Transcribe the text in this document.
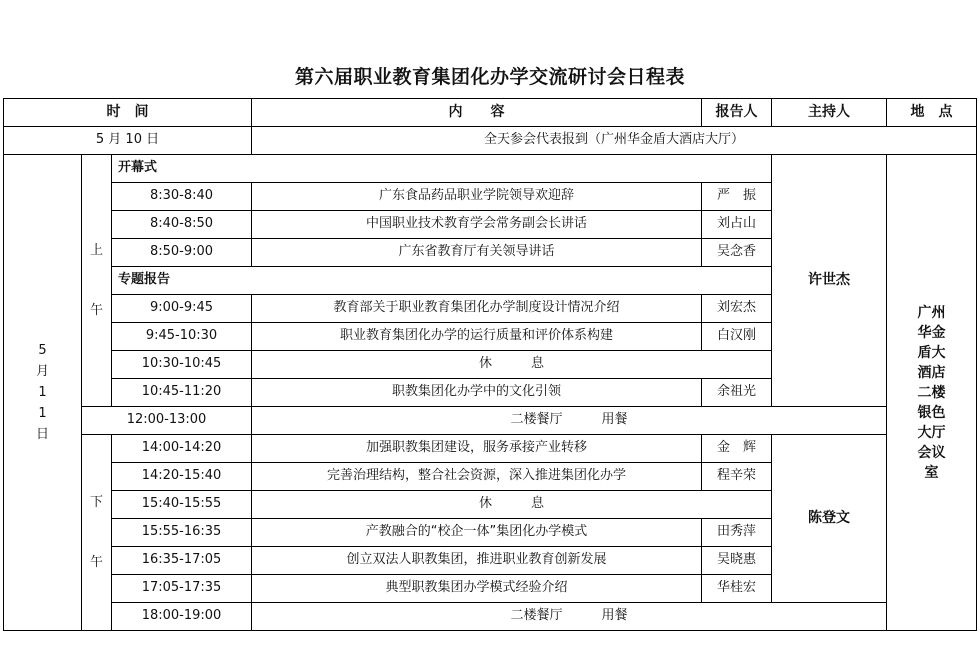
第六届职业教育集团化办学交流研讨会日程表
时　间			内　　容	报告人	主持人	地　点
5 月 10 日			全天参会代表报到（广州华金盾大酒店大厅）			
5月11日	上午	开幕式			许世杰	广州华金盾大酒店二楼银色大厅会议室
		8:30-8:40	广东食品药品职业学院领导欢迎辞	严　振		
		8:40-8:50	中国职业技术教育学会常务副会长讲话	刘占山		
		8:50-9:00	广东省教育厅有关领导讲话	吴念香		
		专题报告				
		9:00-9:45	教育部关于职业教育集团化办学制度设计情况介绍	刘宏杰		
		9:45-10:30	职业教育集团化办学的运行质量和评价体系构建	白汉刚		
		10:30-10:45	休　　　息			
		10:45-11:20	职教集团化办学中的文化引领	余祖光		
	12:00-13:00		二楼餐厅　　　用餐			
	下午	14:00-14:20	加强职教集团建设，服务承接产业转移	金　辉	陈登文	
		14:20-15:40	完善治理结构，整合社会资源，深入推进集团化办学	程辛荣		
		15:40-15:55	休　　　息			
		15:55-16:35	产教融合的“校企一体”集团化办学模式	田秀萍		
		16:35-17:05	创立双法人职教集团，推进职业教育创新发展	吴晓惠		
		17:05-17:35	典型职教集团办学模式经验介绍	华桂宏		
		18:00-19:00	二楼餐厅　　　用餐			
